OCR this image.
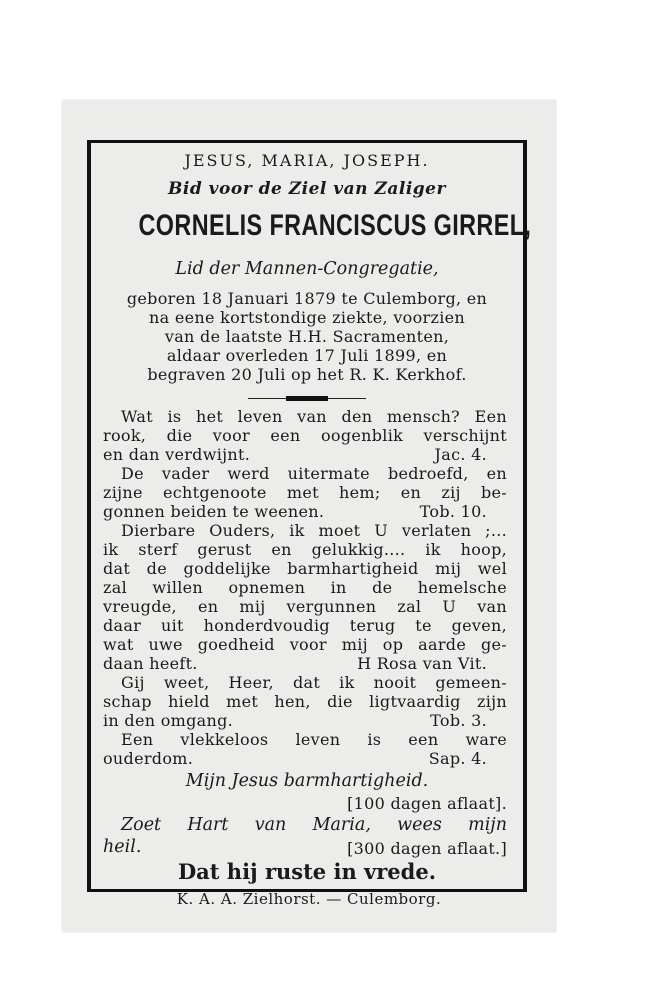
JESUS, MARIA, JOSEPH.
Bid voor de Ziel van Zaliger
CORNELIS FRANCISCUS GIRREL,
Lid der Mannen-Congregatie,
geboren 18 Januari 1879 te Culemborg, en
na eene kortstondige ziekte, voorzien
van de laatste H.H. Sacramenten,
aldaar overleden 17 Juli 1899, en
begraven 20 Juli op het R. K. Kerkhof.
Wat is het leven van den mensch? Een
rook, die voor een oogenblik verschijnt
en dan verdwijnt.	Jac. 4.
De vader werd uitermate bedroefd, en
zijne echtgenoote met hem; en zij be-
gonnen beiden te weenen.	Tob. 10.
Dierbare Ouders, ik moet U verlaten ;...
ik sterf gerust en gelukkig.... ik hoop,
dat de goddelijke barmhartigheid mij wel
zal willen opnemen in de hemelsche
vreugde, en mij vergunnen zal U van
daar uit honderdvoudig terug te geven,
wat uwe goedheid voor mij op aarde ge-
daan heeft.	H Rosa van Vit.
Gij weet, Heer, dat ik nooit gemeen-
schap hield met hen, die ligtvaardig zijn
in den omgang.	Tob. 3.
Een vlekkeloos leven is een ware
ouderdom.	Sap. 4.
Mijn Jesus barmhartigheid.
[100 dagen aflaat].
Zoet Hart van Maria, wees mijn
heil.	[300 dagen aflaat.]
Dat hij ruste in vrede.
K. A. A. Zielhorst. — Culemborg.
